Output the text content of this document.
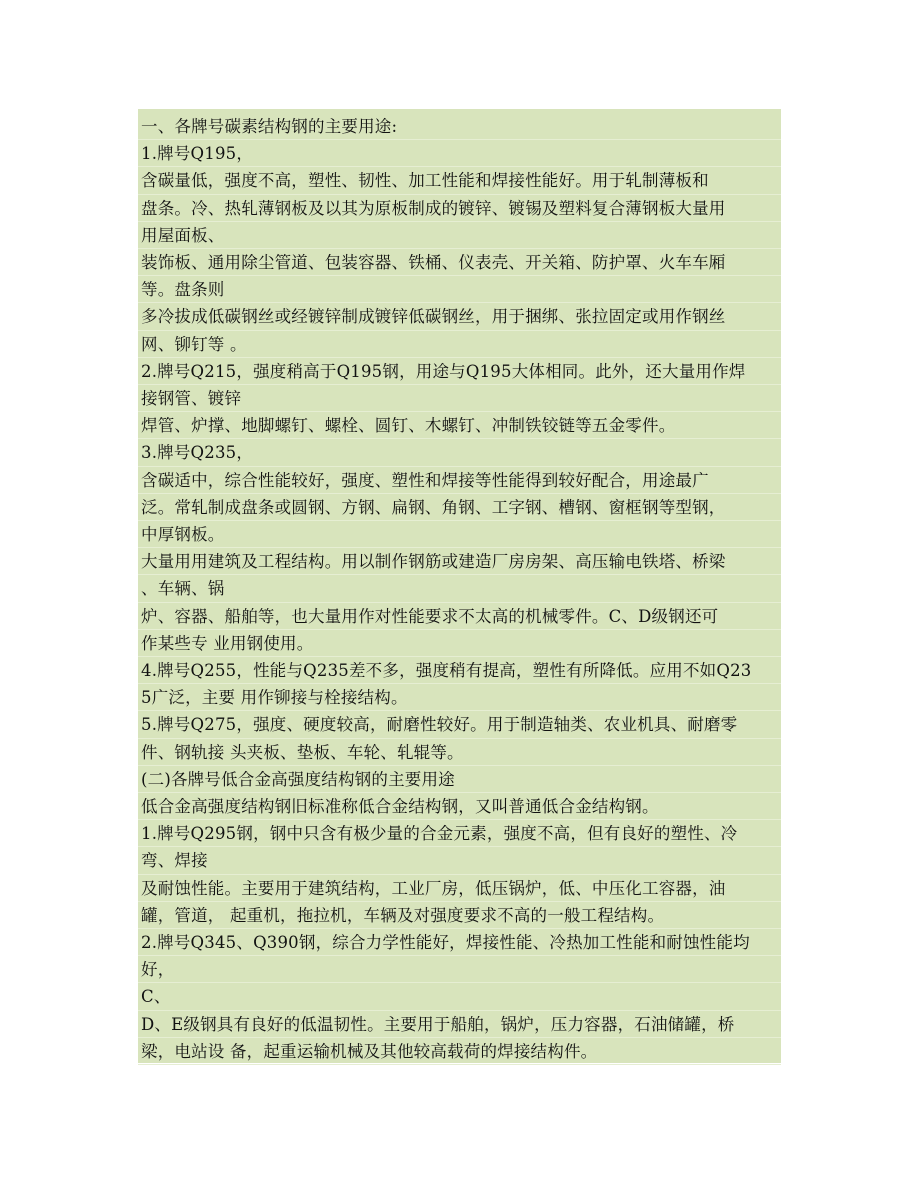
一、各牌号碳素结构钢的主要用途:
1.牌号Q195，
含碳量低，强度不高，塑性、韧性、加工性能和焊接性能好。用于轧制薄板和
盘条。冷、热轧薄钢板及以其为原板制成的镀锌、镀锡及塑料复合薄钢板大量用
用屋面板、
装饰板、通用除尘管道、包装容器、铁桶、仪表壳、开关箱、防护罩、火车车厢
等。盘条则
多冷拔成低碳钢丝或经镀锌制成镀锌低碳钢丝，用于捆绑、张拉固定或用作钢丝
网、铆钉等 。
2.牌号Q215，强度稍高于Q195钢，用途与Q195大体相同。此外，还大量用作焊
接钢管、镀锌
焊管、炉撑、地脚螺钉、螺栓、圆钉、木螺钉、冲制铁铰链等五金零件。
3.牌号Q235，
含碳适中，综合性能较好，强度、塑性和焊接等性能得到较好配合，用途最广
泛。常轧制成盘条或圆钢、方钢、扁钢、角钢、工字钢、槽钢、窗框钢等型钢，
中厚钢板。
大量用用建筑及工程结构。用以制作钢筋或建造厂房房架、高压输电铁塔、桥梁
、车辆、锅
炉、容器、船舶等，也大量用作对性能要求不太高的机械零件。C、D级钢还可
作某些专 业用钢使用。
4.牌号Q255，性能与Q235差不多，强度稍有提高，塑性有所降低。应用不如Q23
5广泛，主要 用作铆接与栓接结构。
5.牌号Q275，强度、硬度较高，耐磨性较好。用于制造轴类、农业机具、耐磨零
件、钢轨接 头夹板、垫板、车轮、轧辊等。
(二)各牌号低合金高强度结构钢的主要用途
低合金高强度结构钢旧标准称低合金结构钢，又叫普通低合金结构钢。
1.牌号Q295钢，钢中只含有极少量的合金元素，强度不高，但有良好的塑性、冷
弯、焊接
及耐蚀性能。主要用于建筑结构，工业厂房，低压锅炉，低、中压化工容器，油
罐，管道， 起重机，拖拉机，车辆及对强度要求不高的一般工程结构。
2.牌号Q345、Q390钢，综合力学性能好，焊接性能、冷热加工性能和耐蚀性能均
好，
C、
D、E级钢具有良好的低温韧性。主要用于船舶，锅炉，压力容器，石油储罐，桥
梁，电站设 备，起重运输机械及其他较高载荷的焊接结构件。
